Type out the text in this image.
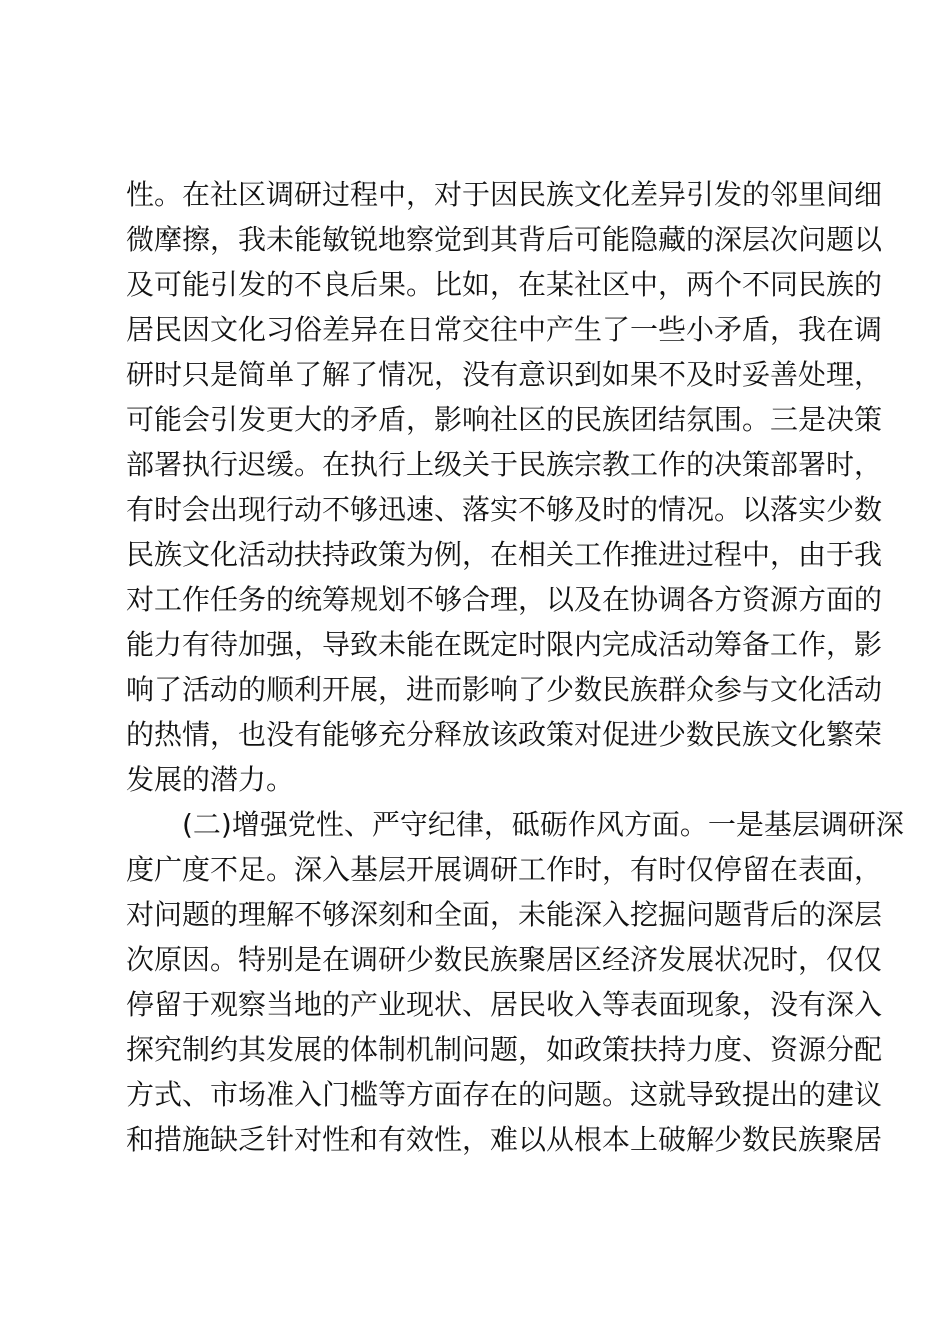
性。在社区调研过程中，对于因民族文化差异引发的邻里间细
微摩擦，我未能敏锐地察觉到其背后可能隐藏的深层次问题以
及可能引发的不良后果。比如，在某社区中，两个不同民族的
居民因文化习俗差异在日常交往中产生了一些小矛盾，我在调
研时只是简单了解了情况，没有意识到如果不及时妥善处理，
可能会引发更大的矛盾，影响社区的民族团结氛围。三是决策
部署执行迟缓。在执行上级关于民族宗教工作的决策部署时，
有时会出现行动不够迅速、落实不够及时的情况。以落实少数
民族文化活动扶持政策为例，在相关工作推进过程中，由于我
对工作任务的统筹规划不够合理，以及在协调各方资源方面的
能力有待加强，导致未能在既定时限内完成活动筹备工作，影
响了活动的顺利开展，进而影响了少数民族群众参与文化活动
的热情，也没有能够充分释放该政策对促进少数民族文化繁荣
发展的潜力。
(二)增强党性、严守纪律，砥砺作风方面。一是基层调研深
度广度不足。深入基层开展调研工作时，有时仅停留在表面，
对问题的理解不够深刻和全面，未能深入挖掘问题背后的深层
次原因。特别是在调研少数民族聚居区经济发展状况时，仅仅
停留于观察当地的产业现状、居民收入等表面现象，没有深入
探究制约其发展的体制机制问题，如政策扶持力度、资源分配
方式、市场准入门槛等方面存在的问题。这就导致提出的建议
和措施缺乏针对性和有效性，难以从根本上破解少数民族聚居
